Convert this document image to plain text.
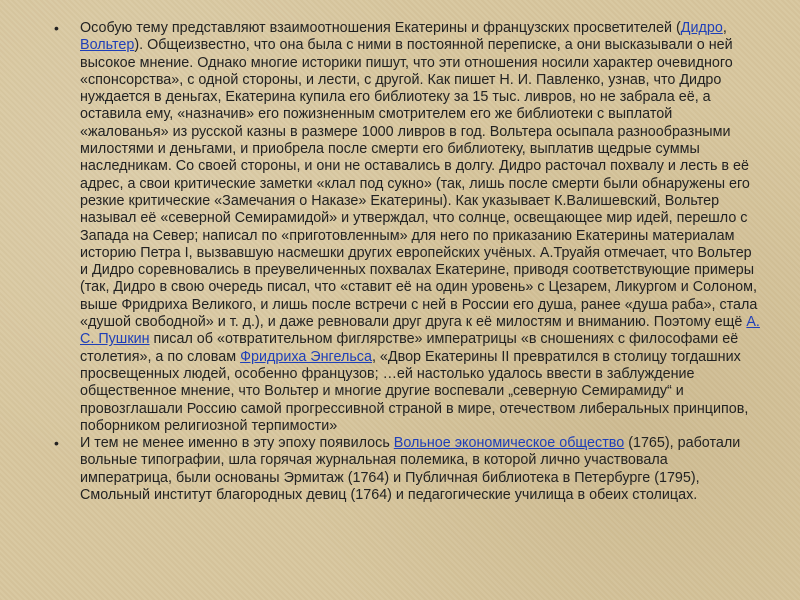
• Особую тему представляют взаимоотношения Екатерины и французских просветителей (Дидро, Вольтер). Общеизвестно, что она была с ними в постоянной переписке, а они высказывали о ней высокое мнение. Однако многие историки пишут, что эти отношения носили характер очевидного «спонсорства», с одной стороны, и лести, с другой. Как пишет Н. И. Павленко, узнав, что Дидро нуждается в деньгах, Екатерина купила его библиотеку за 15 тыс. ливров, но не забрала её, а оставила ему, «назначив» его пожизненным смотрителем его же библиотеки с выплатой «жалованья» из русской казны в размере 1000 ливров в год. Вольтера осыпала разнообразными милостями и деньгами, и приобрела после смерти его библиотеку, выплатив щедрые суммы наследникам. Со своей стороны, и они не оставались в долгу. Дидро расточал похвалу и лесть в её адрес, а свои критические заметки «клал под сукно» (так, лишь после смерти были обнаружены его резкие критические «Замечания о Наказе» Екатерины). Как указывает К.Валишевский, Вольтер называл её «северной Семирамидой» и утверждал, что солнце, освещающее мир идей, перешло с Запада на Север; написал по «приготовленным» для него по приказанию Екатерины материалам историю Петра I, вызвавшую насмешки других европейских учёных. А.Труайя отмечает, что Вольтер и Дидро соревновались в преувеличенных похвалах Екатерине, приводя соответствующие примеры (так, Дидро в свою очередь писал, что «ставит её на один уровень» с Цезарем, Ликургом и Солоном, выше Фридриха Великого, и лишь после встречи с ней в России его душа, ранее «душа раба», стала «душой свободной» и т. д.), и даже ревновали друг друга к её милостям и вниманию. Поэтому ещё А. С. Пушкин писал об «отвратительном фиглярстве» императрицы «в сношениях с философами её столетия», а по словам Фридриха Энгельса, «Двор Екатерины II превратился в столицу тогдашних просвещенных людей, особенно французов; …ей настолько удалось ввести в заблуждение общественное мнение, что Вольтер и многие другие воспевали „северную Семирамиду“ и провозглашали Россию самой прогрессивной страной в мире, отечеством либеральных принципов, поборником религиозной терпимости»
• И тем не менее именно в эту эпоху появилось Вольное экономическое общество (1765), работали вольные типографии, шла горячая журнальная полемика, в которой лично участвовала императрица, были основаны Эрмитаж (1764) и Публичная библиотека в Петербурге (1795), Смольный институт благородных девиц (1764) и педагогические училища в обеих столицах.
